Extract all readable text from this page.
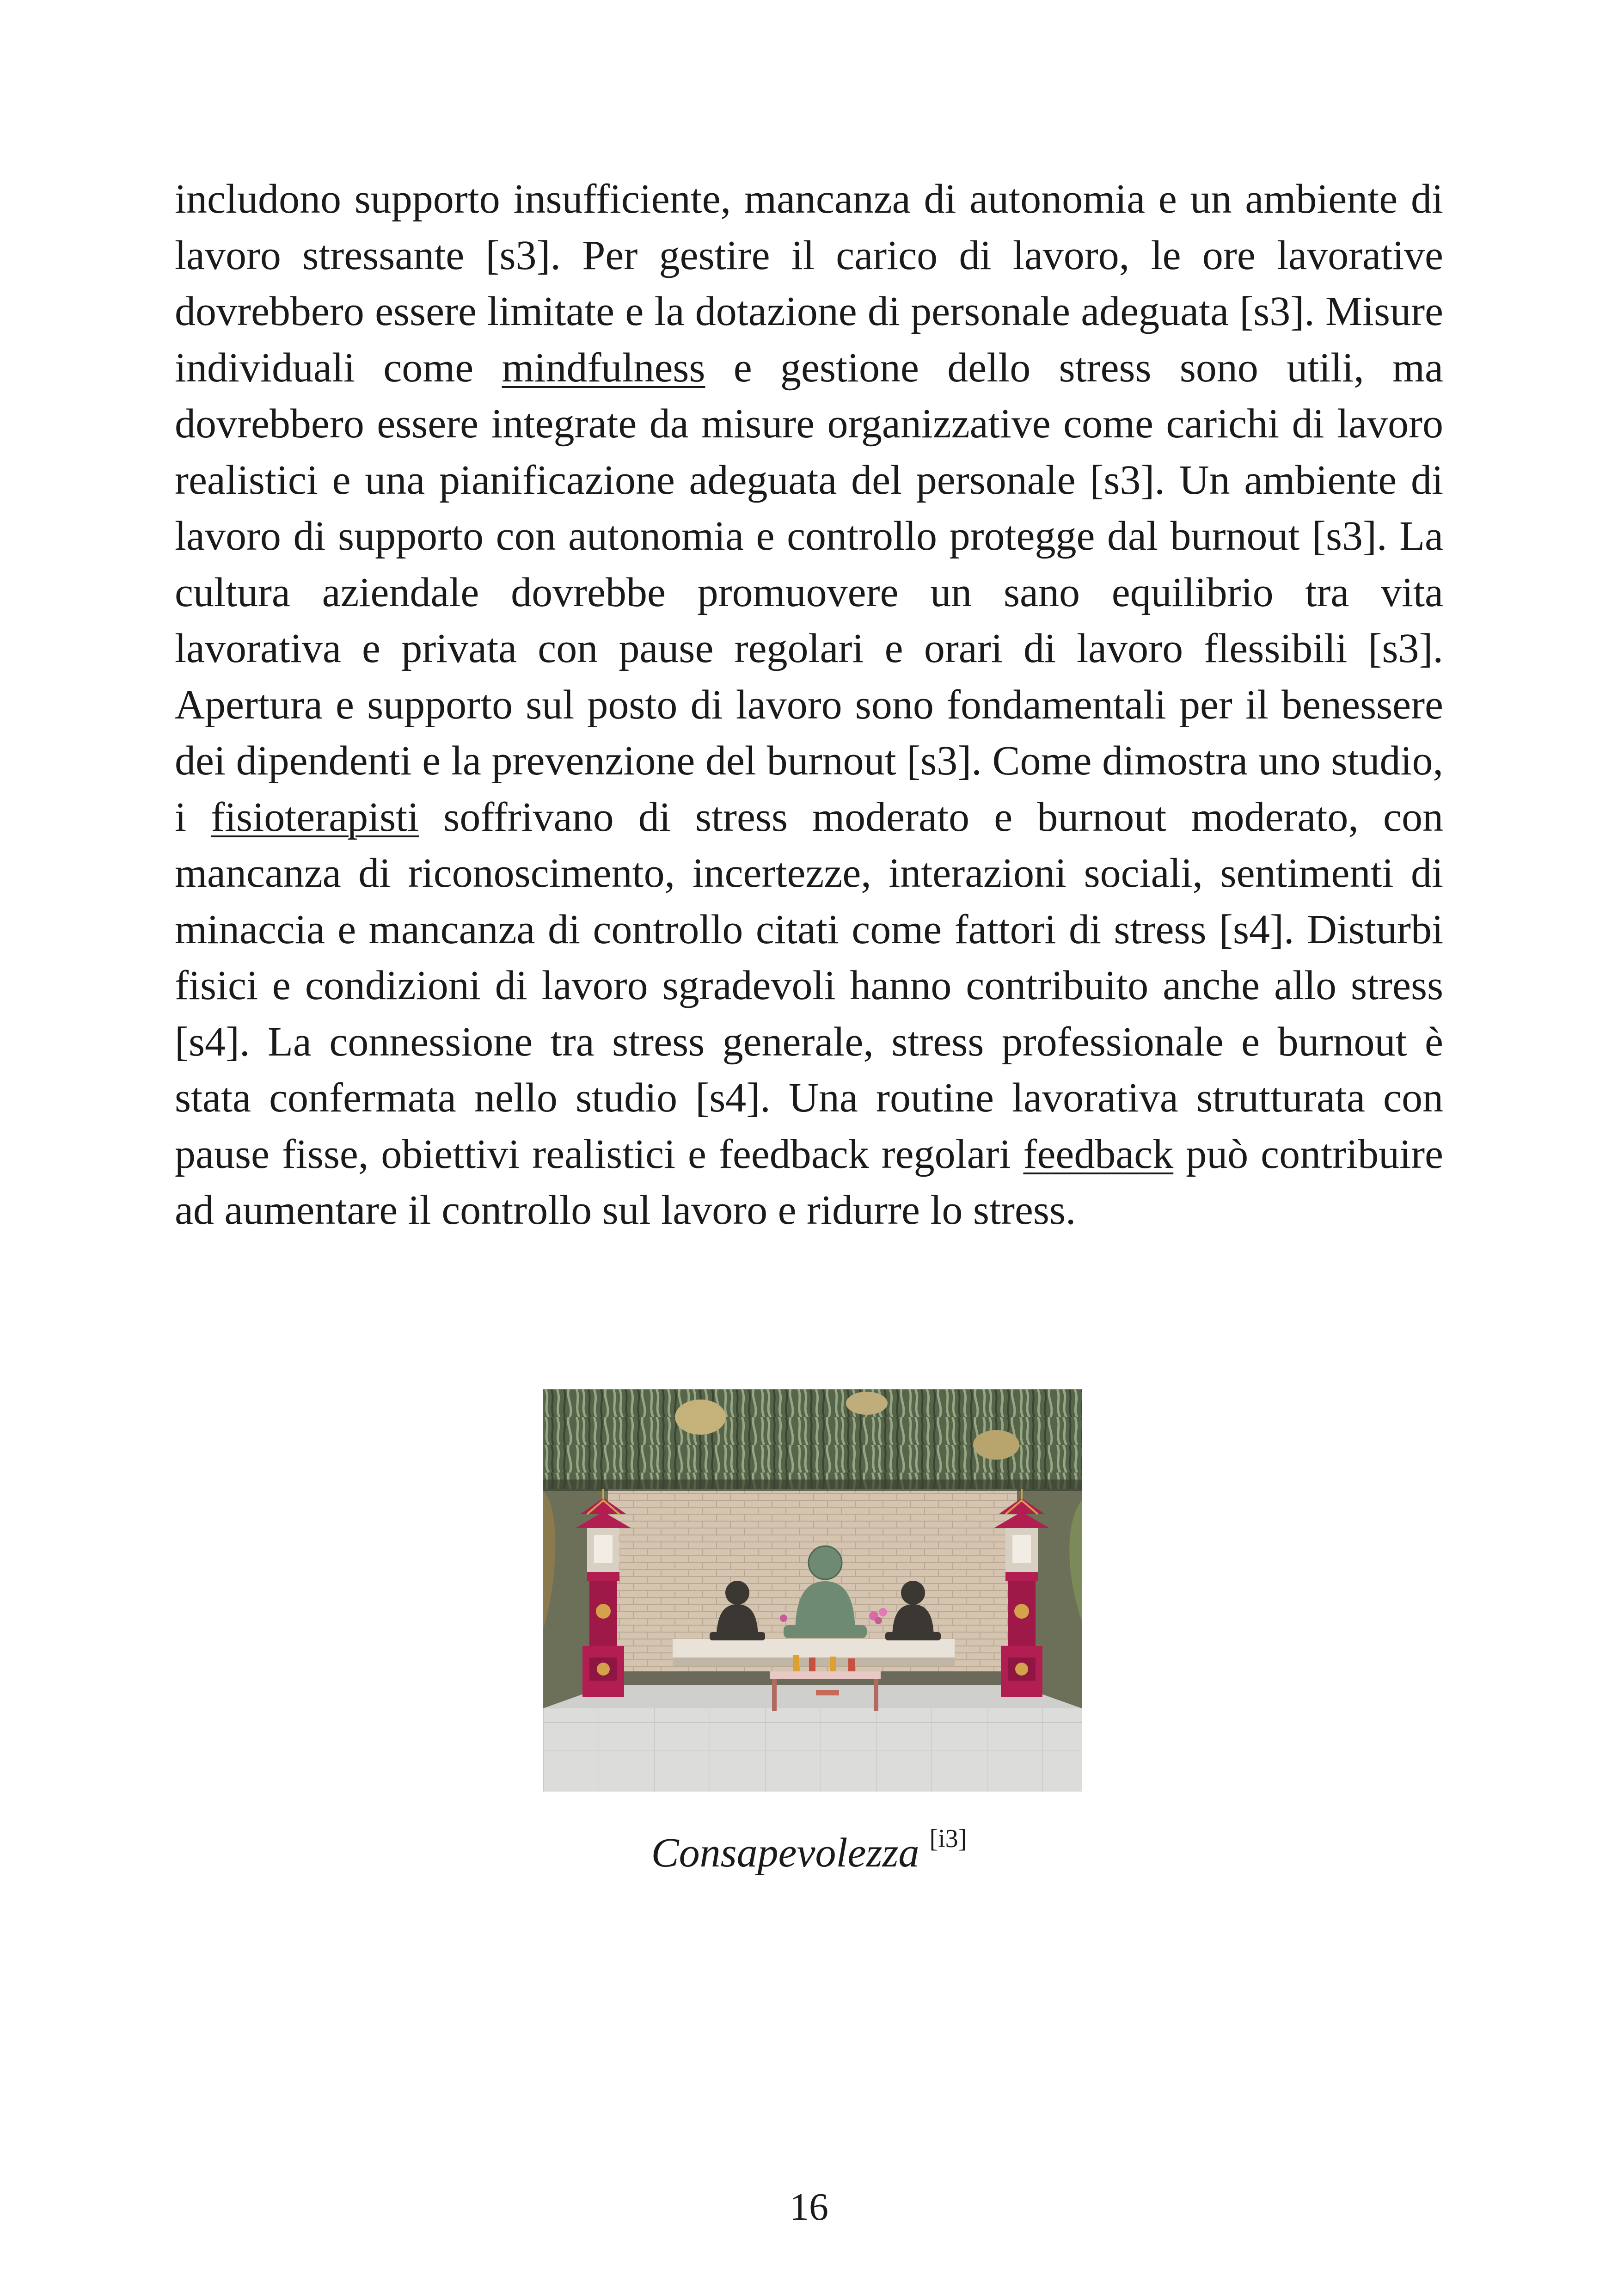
includono supporto insufficiente, mancanza di autonomia e un ambiente di lavoro stressante [s3]. Per gestire il carico di lavoro, le ore lavorative dovrebbero essere limitate e la dotazione di personale adeguata [s3]. Misure individuali come mindfulness e gestione dello stress sono utili, ma dovrebbero essere integrate da misure organizzative come carichi di lavoro realistici e una pianificazione adeguata del personale [s3]. Un ambiente di lavoro di supporto con autonomia e controllo protegge dal burnout [s3]. La cultura aziendale dovrebbe promuovere un sano equilibrio tra vita lavorativa e privata con pause regolari e orari di lavoro flessibili [s3]. Apertura e supporto sul posto di lavoro sono fondamentali per il benessere dei dipendenti e la prevenzione del burnout [s3]. Come dimostra uno studio, i fisioterapisti soffrivano di stress moderato e burnout moderato, con mancanza di riconoscimento, incertezze, interazioni sociali, sentimenti di minaccia e mancanza di controllo citati come fattori di stress [s4]. Disturbi fisici e condizioni di lavoro sgradevoli hanno contribuito anche allo stress [s4]. La connessione tra stress generale, stress professionale e burnout è stata confermata nello studio [s4]. Una routine lavorativa strutturata con pause fisse, obiettivi realistici e feedback regolari feedback può contribuire ad aumentare il controllo sul lavoro e ridurre lo stress.

Consapevolezza [i3]
16
